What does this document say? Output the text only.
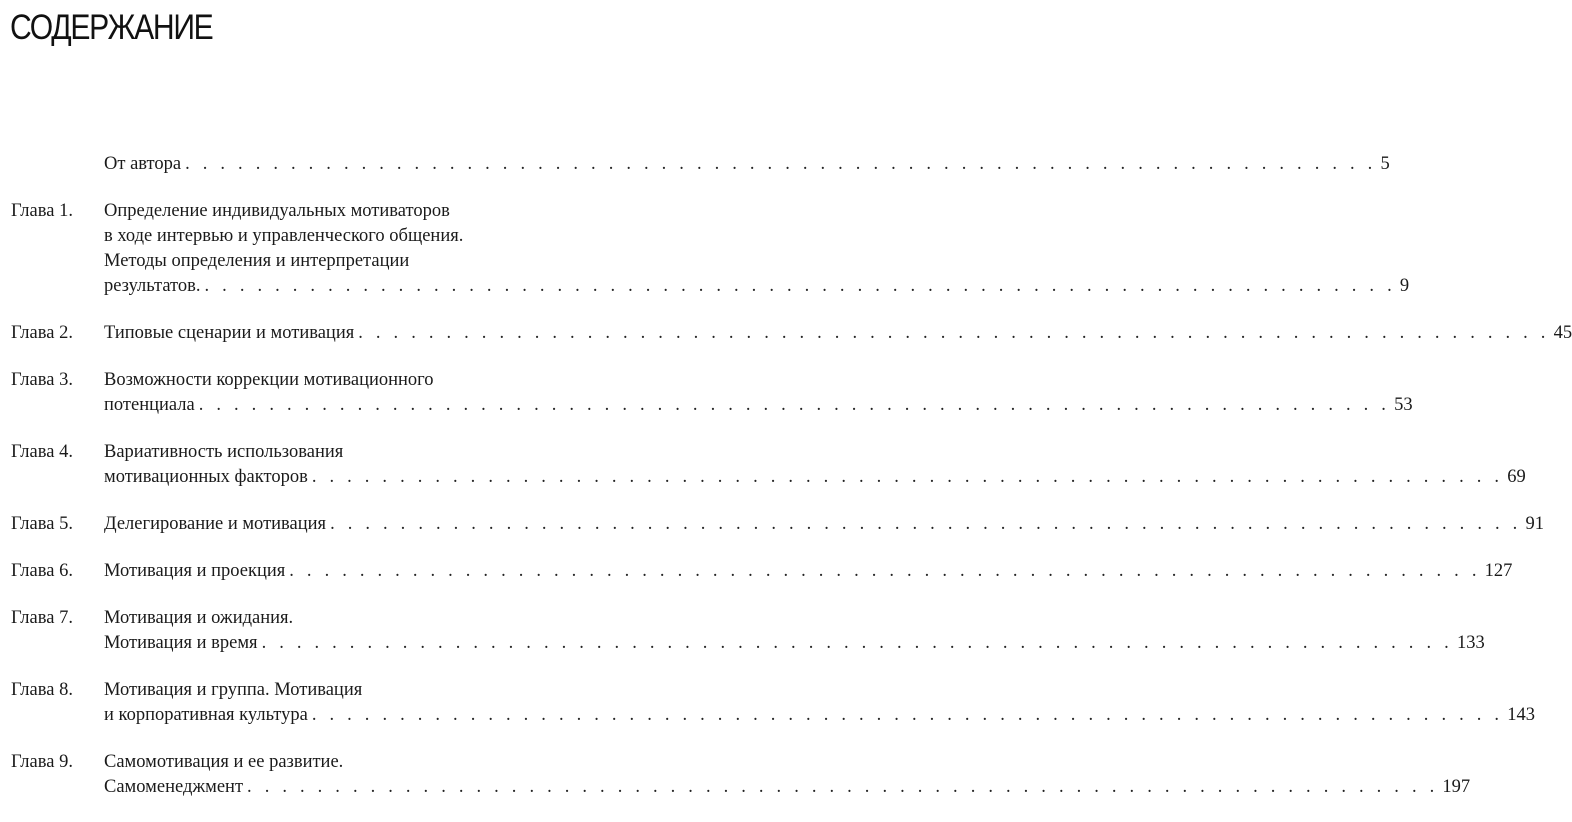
СОДЕРЖАНИЕ
От автора . . . . . . . . . . . . . . . . . . . . . . . . . . . . . . . . . . . . . . . . . . . . . . . . . . . . . . . . . . . . . . . . . . . . 5
Глава 1.	Определение индивидуальных мотиваторов
в ходе интервью и управленческого общения.
Методы определения и интерпретации
результатов. . . . . . . . . . . . . . . . . . . . . . . . . . . . . . . . . . . . . . . . . . . . . . . . . . . . . . . . . . . . . . . . . . . . . 9
Глава 2.	Типовые сценарии и мотивация . . . . . . . . . . . . . . . . . . . . . . . . . . . . . . . . . . . . . . . . . . . . . . . . . . . . . . . . . . . . . . . . . . . . 45
Глава 3.	Возможности коррекции мотивационного
потенциала . . . . . . . . . . . . . . . . . . . . . . . . . . . . . . . . . . . . . . . . . . . . . . . . . . . . . . . . . . . . . . . . . . . . 53
Глава 4.	Вариативность использования
мотивационных факторов . . . . . . . . . . . . . . . . . . . . . . . . . . . . . . . . . . . . . . . . . . . . . . . . . . . . . . . . . . . . . . . . . . . . 69
Глава 5.	Делегирование и мотивация . . . . . . . . . . . . . . . . . . . . . . . . . . . . . . . . . . . . . . . . . . . . . . . . . . . . . . . . . . . . . . . . . . . . 91
Глава 6.	Мотивация и проекция . . . . . . . . . . . . . . . . . . . . . . . . . . . . . . . . . . . . . . . . . . . . . . . . . . . . . . . . . . . . . . . . . . . . 127
Глава 7.	Мотивация и ожидания.
Мотивация и время . . . . . . . . . . . . . . . . . . . . . . . . . . . . . . . . . . . . . . . . . . . . . . . . . . . . . . . . . . . . . . . . . . . . 133
Глава 8.	Мотивация и группа. Мотивация
и корпоративная культура . . . . . . . . . . . . . . . . . . . . . . . . . . . . . . . . . . . . . . . . . . . . . . . . . . . . . . . . . . . . . . . . . . . . 143
Глава 9.	Самомотивация и ее развитие.
Самоменеджмент . . . . . . . . . . . . . . . . . . . . . . . . . . . . . . . . . . . . . . . . . . . . . . . . . . . . . . . . . . . . . . . . . . . . 197
